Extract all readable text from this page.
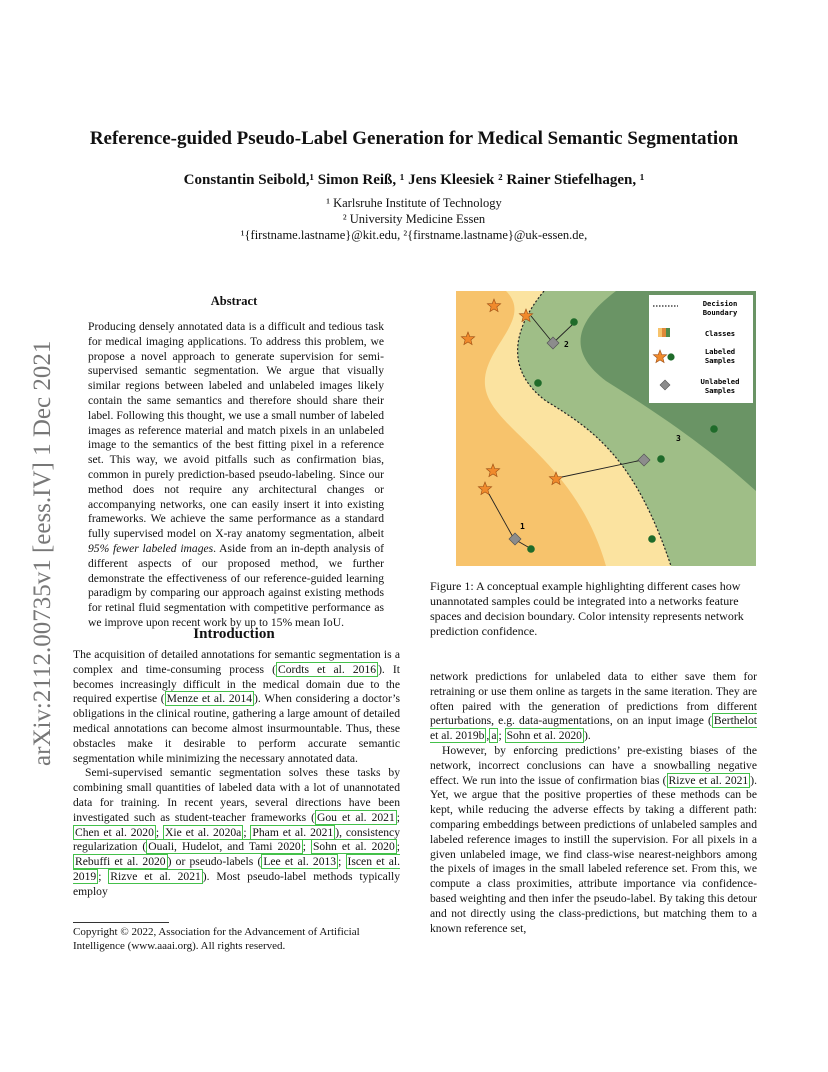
arXiv:2112.00735v1 [eess.IV] 1 Dec 2021
Reference-guided Pseudo-Label Generation for Medical Semantic Segmentation
Constantin Seibold,¹ Simon Reiß, ¹ Jens Kleesiek ² Rainer Stiefelhagen, ¹
¹ Karlsruhe Institute of Technology
² University Medicine Essen
¹{firstname.lastname}@kit.edu, ²{firstname.lastname}@uk-essen.de,
Abstract
Producing densely annotated data is a difficult and tedious task for medical imaging applications. To address this problem, we propose a novel approach to generate supervision for semi-supervised semantic segmentation. We argue that visually similar regions between labeled and unlabeled images likely contain the same semantics and therefore should share their label. Following this thought, we use a small number of labeled images as reference material and match pixels in an unlabeled image to the semantics of the best fitting pixel in a reference set. This way, we avoid pitfalls such as confirmation bias, common in purely prediction-based pseudo-labeling. Since our method does not require any architectural changes or accompanying networks, one can easily insert it into existing frameworks. We achieve the same performance as a standard fully supervised model on X-ray anatomy segmentation, albeit 95% fewer labeled images. Aside from an in-depth analysis of different aspects of our proposed method, we further demonstrate the effectiveness of our reference-guided learning paradigm by comparing our approach against existing methods for retinal fluid segmentation with competitive performance as we improve upon recent work by up to 15% mean IoU.
Introduction

The acquisition of detailed annotations for semantic segmentation is a complex and time-consuming process ( Cordts et al. 2016 ). It becomes increasingly difficult in the medical domain due to the required expertise ( Menze et al. 2014 ). When considering a doctor’s obligations in the clinical routine, gathering a large amount of detailed medical annotations can become almost insurmountable. Thus, these obstacles make it desirable to perform accurate semantic segmentation while minimizing the necessary annotated data.

Semi-supervised semantic segmentation solves these tasks by combining small quantities of labeled data with a lot of unannotated data for training. In recent years, several directions have been investigated such as student-teacher frameworks ( Gou et al. 2021 ; Chen et al. 2020 ; Xie et al. 2020a ; Pham et al. 2021 ), consistency regularization ( Ouali, Hudelot, and Tami 2020 ; Sohn et al. 2020 ; Rebuffi et al. 2020 ) or pseudo-labels ( Lee et al. 2013 ; Iscen et al. 2019 ; Rizve et al. 2021 ). Most pseudo-label methods typically employ

Copyright © 2022, Association for the Advancement of Artificial Intelligence (www.aaai.org). All rights reserved.
Decision
Boundary
Classes
Labeled
Samples
Unlabeled
Samples
1
2
3
Figure 1: A conceptual example highlighting different cases how unannotated samples could be integrated into a networks feature spaces and decision boundary. Color intensity represents network prediction confidence.

network predictions for unlabeled data to either save them for retraining or use them online as targets in the same iteration. They are often paired with the generation of predictions from different perturbations, e.g. data-augmentations, on an input image ( Berthelot et al. 2019b , a ; Sohn et al. 2020 ).

However, by enforcing predictions’ pre-existing biases of the network, incorrect conclusions can have a snowballing negative effect. We run into the issue of confirmation bias ( Rizve et al. 2021 ). Yet, we argue that the positive properties of these methods can be kept, while reducing the adverse effects by taking a different path: comparing embeddings between predictions of unlabeled samples and labeled reference images to instill the supervision. For all pixels in a given unlabeled image, we find class-wise nearest-neighbors among the pixels of images in the small labeled reference set. From this, we compute a class proximities, attribute importance via confidence-based weighting and then infer the pseudo-label. By taking this detour and not directly using the class-predictions, but matching them to a known reference set,
